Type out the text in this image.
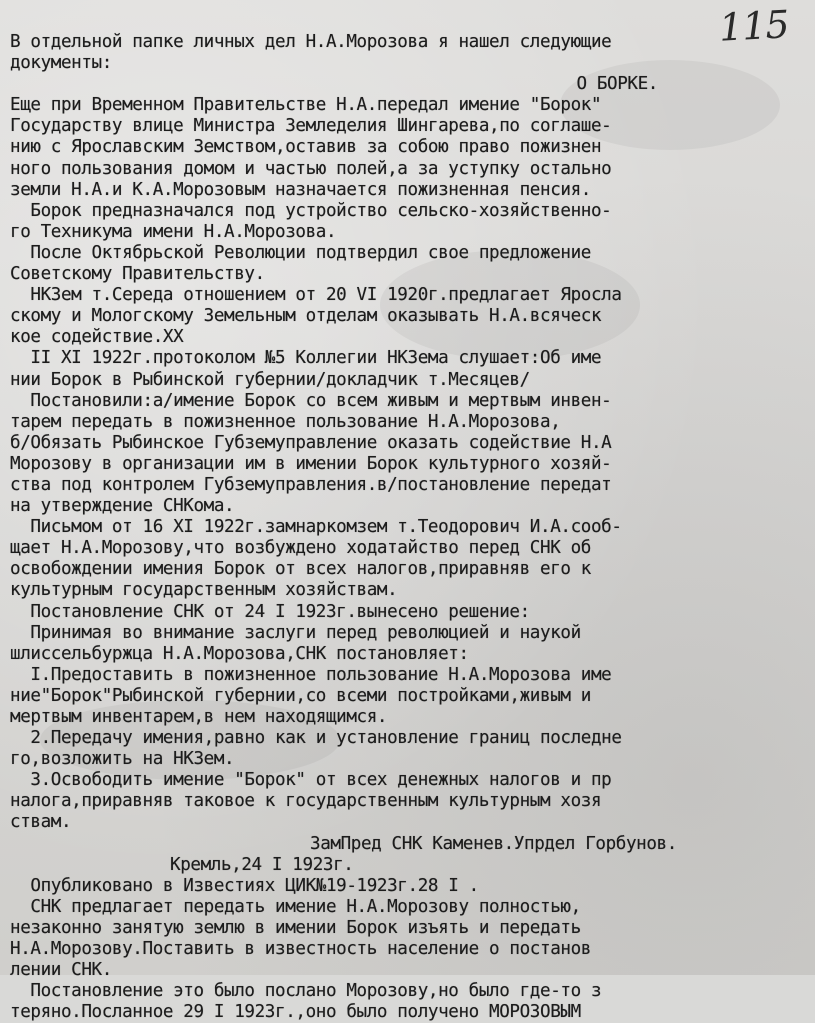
115
В отдельной папке личных дел Н.А.Морозова я нашел следующие
документы:
О БОРКЕ.
Еще при Временном Правительстве Н.А.передал имение "Борок"
Государству влице Министра Земледелия Шингарева,по соглаше-
нию с Ярославским Земством,оставив за собою право пожизнен
ного пользования домом и частью полей,а за уступку остально
земли Н.А.и К.А.Морозовым назначается пожизненная пенсия.
Борок предназначался под устройство сельско-хозяйственно-
го Техникума имени Н.А.Морозова.
После Октябрьской Революции подтвердил свое предложение
Советскому Правительству.
НКЗем т.Середа отношением от 20 VI 1920г.предлагает Яросла
скому и Мологскому Земельным отделам оказывать Н.А.всяческ
кое содействие.ХХ
II XI 1922г.протоколом №5 Коллегии НКЗема слушает:Об име
нии Борок в Рыбинской губернии/докладчик т.Месяцев/
Постановили:а/имение Борок со всем живым и мертвым инвен-
тарем передать в пожизненное пользование Н.А.Морозова,
б/Обязать Рыбинское Губземуправление оказать содействие Н.А
Морозову в организации им в имении Борок культурного хозяй-
ства под контролем Губземуправления.в/постановление передат
на утверждение СНКома.
Письмом от 16 XI 1922г.замнаркомзем т.Теодорович И.А.сооб-
щает Н.А.Морозову,что возбуждено ходатайство перед СНК об
освобождении имения Борок от всех налогов,приравняв его к
культурным государственным хозяйствам.
Постановление СНК от 24 I 1923г.вынесено решение:
Принимая во внимание заслуги перед революцией и наукой
шлиссельбуржца Н.А.Морозова,СНК постановляет:
I.Предоставить в пожизненное пользование Н.А.Морозова име
ние"Борок"Рыбинской губернии,со всеми постройками,живым и
мертвым инвентарем,в нем находящимся.
2.Передачу имения,равно как и установление границ последне
го,возложить на НКЗем.
3.Освободить имение "Борок" от всех денежных налогов и пр
налога,приравняв таковое к государственным культурным хозя
ствам.
ЗамПред СНК Каменев.Упрдел Горбунов.
Кремль,24 I 1923г.
Опубликовано в Известиях ЦИК№19-1923г.28 I .
СНК предлагает передать имение Н.А.Морозову полностью,
незаконно занятую землю в имении Борок изъять и передать
Н.А.Морозову.Поставить в известность население о постанов
лении СНК.
Постановление это было послано Морозову,но было где-то з
теряно.Посланное 29 I 1923г.,оно было получено МОРОЗОВЫМ
